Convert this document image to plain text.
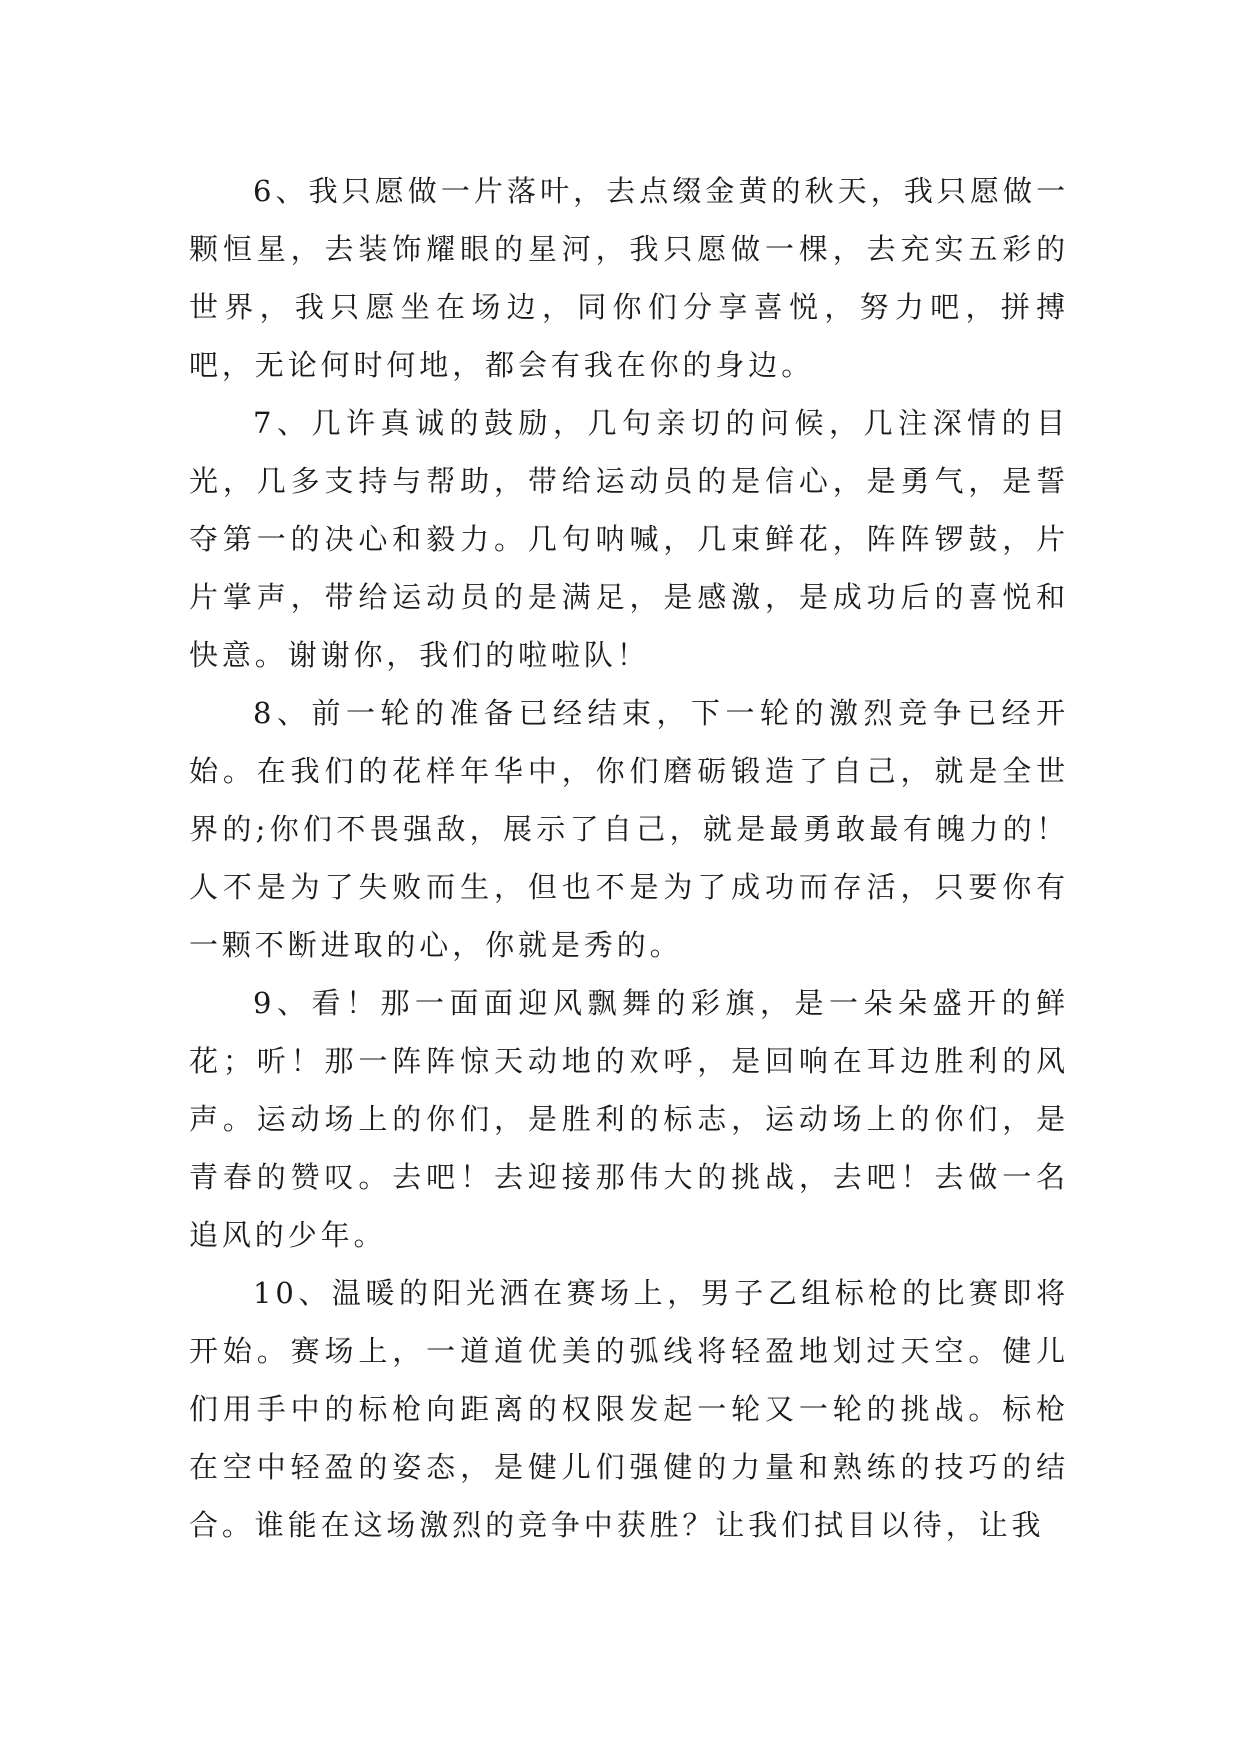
6、我只愿做一片落叶，去点缀金黄的秋天，我只愿做一颗恒星，去装饰耀眼的星河，我只愿做一棵，去充实五彩的世界，我只愿坐在场边，同你们分享喜悦，努力吧，拼搏吧，无论何时何地，都会有我在你的身边。

7、几许真诚的鼓励，几句亲切的问候，几注深情的目光，几多支持与帮助，带给运动员的是信心，是勇气，是誓夺第一的决心和毅力。几句呐喊，几束鲜花，阵阵锣鼓，片片掌声，带给运动员的是满足，是感激，是成功后的喜悦和快意。谢谢你，我们的啦啦队！

8、前一轮的准备已经结束，下一轮的激烈竞争已经开始。在我们的花样年华中，你们磨砺锻造了自己，就是全世界的;你们不畏强敌，展示了自己，就是最勇敢最有魄力的！人不是为了失败而生，但也不是为了成功而存活，只要你有一颗不断进取的心，你就是秀的。

9、看！那一面面迎风飘舞的彩旗，是一朵朵盛开的鲜花；听！那一阵阵惊天动地的欢呼，是回响在耳边胜利的风声。运动场上的你们，是胜利的标志，运动场上的你们，是青春的赞叹。去吧！去迎接那伟大的挑战，去吧！去做一名追风的少年。

10、温暖的阳光洒在赛场上，男子乙组标枪的比赛即将开始。赛场上，一道道优美的弧线将轻盈地划过天空。健儿们用手中的标枪向距离的权限发起一轮又一轮的挑战。标枪在空中轻盈的姿态，是健儿们强健的力量和熟练的技巧的结合。谁能在这场激烈的竞争中获胜？让我们拭目以待，让我
